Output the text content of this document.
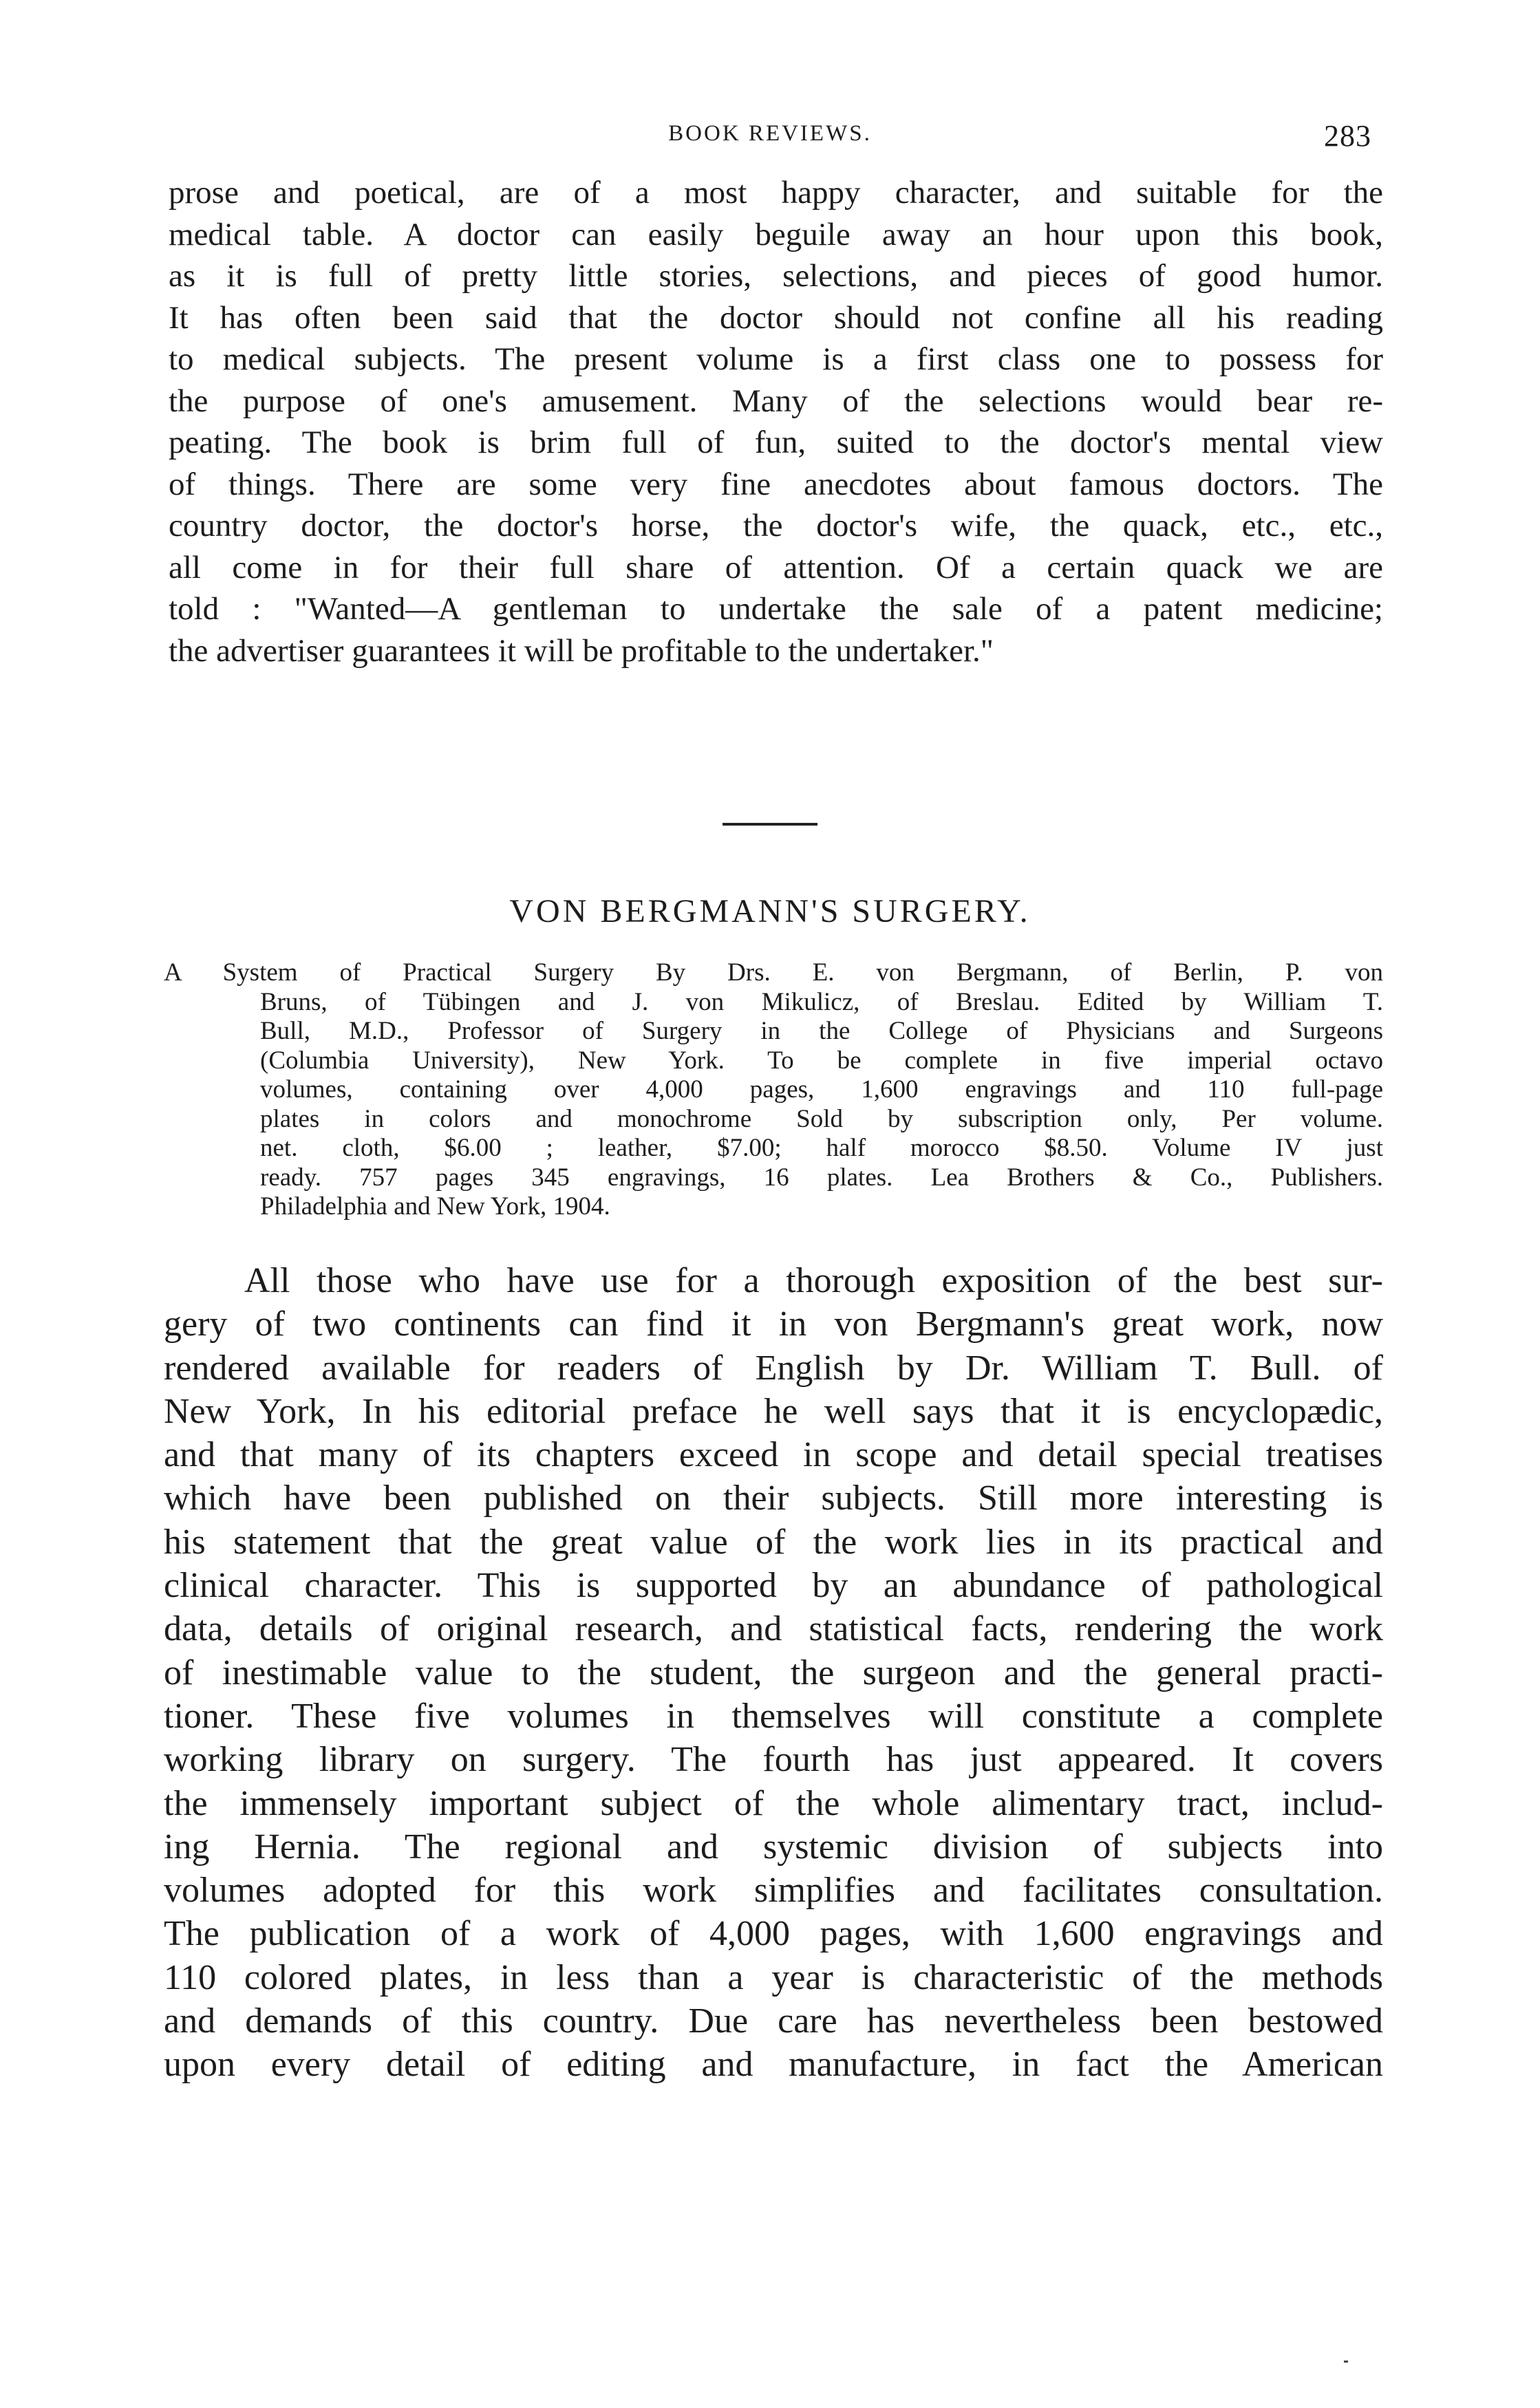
BOOK REVIEWS.	283
prose and poetical, are of a most happy character, and suitable for the
medical table. A doctor can easily beguile away an hour upon this book,
as it is full of pretty little stories, selections, and pieces of good humor.
It has often been said that the doctor should not confine all his reading
to medical subjects. The present volume is a first class one to possess for
the purpose of one's amusement. Many of the selections would bear re-
peating. The book is brim full of fun, suited to the doctor's mental view
of things. There are some very fine anecdotes about famous doctors. The
country doctor, the doctor's horse, the doctor's wife, the quack, etc., etc.,
all come in for their full share of attention. Of a certain quack we are
told : "Wanted—A gentleman to undertake the sale of a patent medicine;
the advertiser guarantees it will be profitable to the undertaker."
VON BERGMANN'S SURGERY.
A System of Practical Surgery By Drs. E. von Bergmann, of Berlin, P. von
Bruns, of Tübingen and J. von Mikulicz, of Breslau. Edited by William T.
Bull, M.D., Professor of Surgery in the College of Physicians and Surgeons
(Columbia University), New York. To be complete in five imperial octavo
volumes, containing over 4,000 pages, 1,600 engravings and 110 full-page
plates in colors and monochrome Sold by subscription only, Per volume.
net. cloth, $6.00 ; leather, $7.00; half morocco $8.50. Volume IV just
ready. 757 pages 345 engravings, 16 plates. Lea Brothers & Co., Publishers.
Philadelphia and New York, 1904.
All those who have use for a thorough exposition of the best sur-
gery of two continents can find it in von Bergmann's great work, now
rendered available for readers of English by Dr. William T. Bull. of
New York, In his editorial preface he well says that it is encyclopædic,
and that many of its chapters exceed in scope and detail special treatises
which have been published on their subjects. Still more interesting is
his statement that the great value of the work lies in its practical and
clinical character. This is supported by an abundance of pathological
data, details of original research, and statistical facts, rendering the work
of inestimable value to the student, the surgeon and the general practi-
tioner. These five volumes in themselves will constitute a complete
working library on surgery. The fourth has just appeared. It covers
the immensely important subject of the whole alimentary tract, includ-
ing Hernia. The regional and systemic division of subjects into
volumes adopted for this work simplifies and facilitates consultation.
The publication of a work of 4,000 pages, with 1,600 engravings and
110 colored plates, in less than a year is characteristic of the methods
and demands of this country. Due care has nevertheless been bestowed
upon every detail of editing and manufacture, in fact the American
